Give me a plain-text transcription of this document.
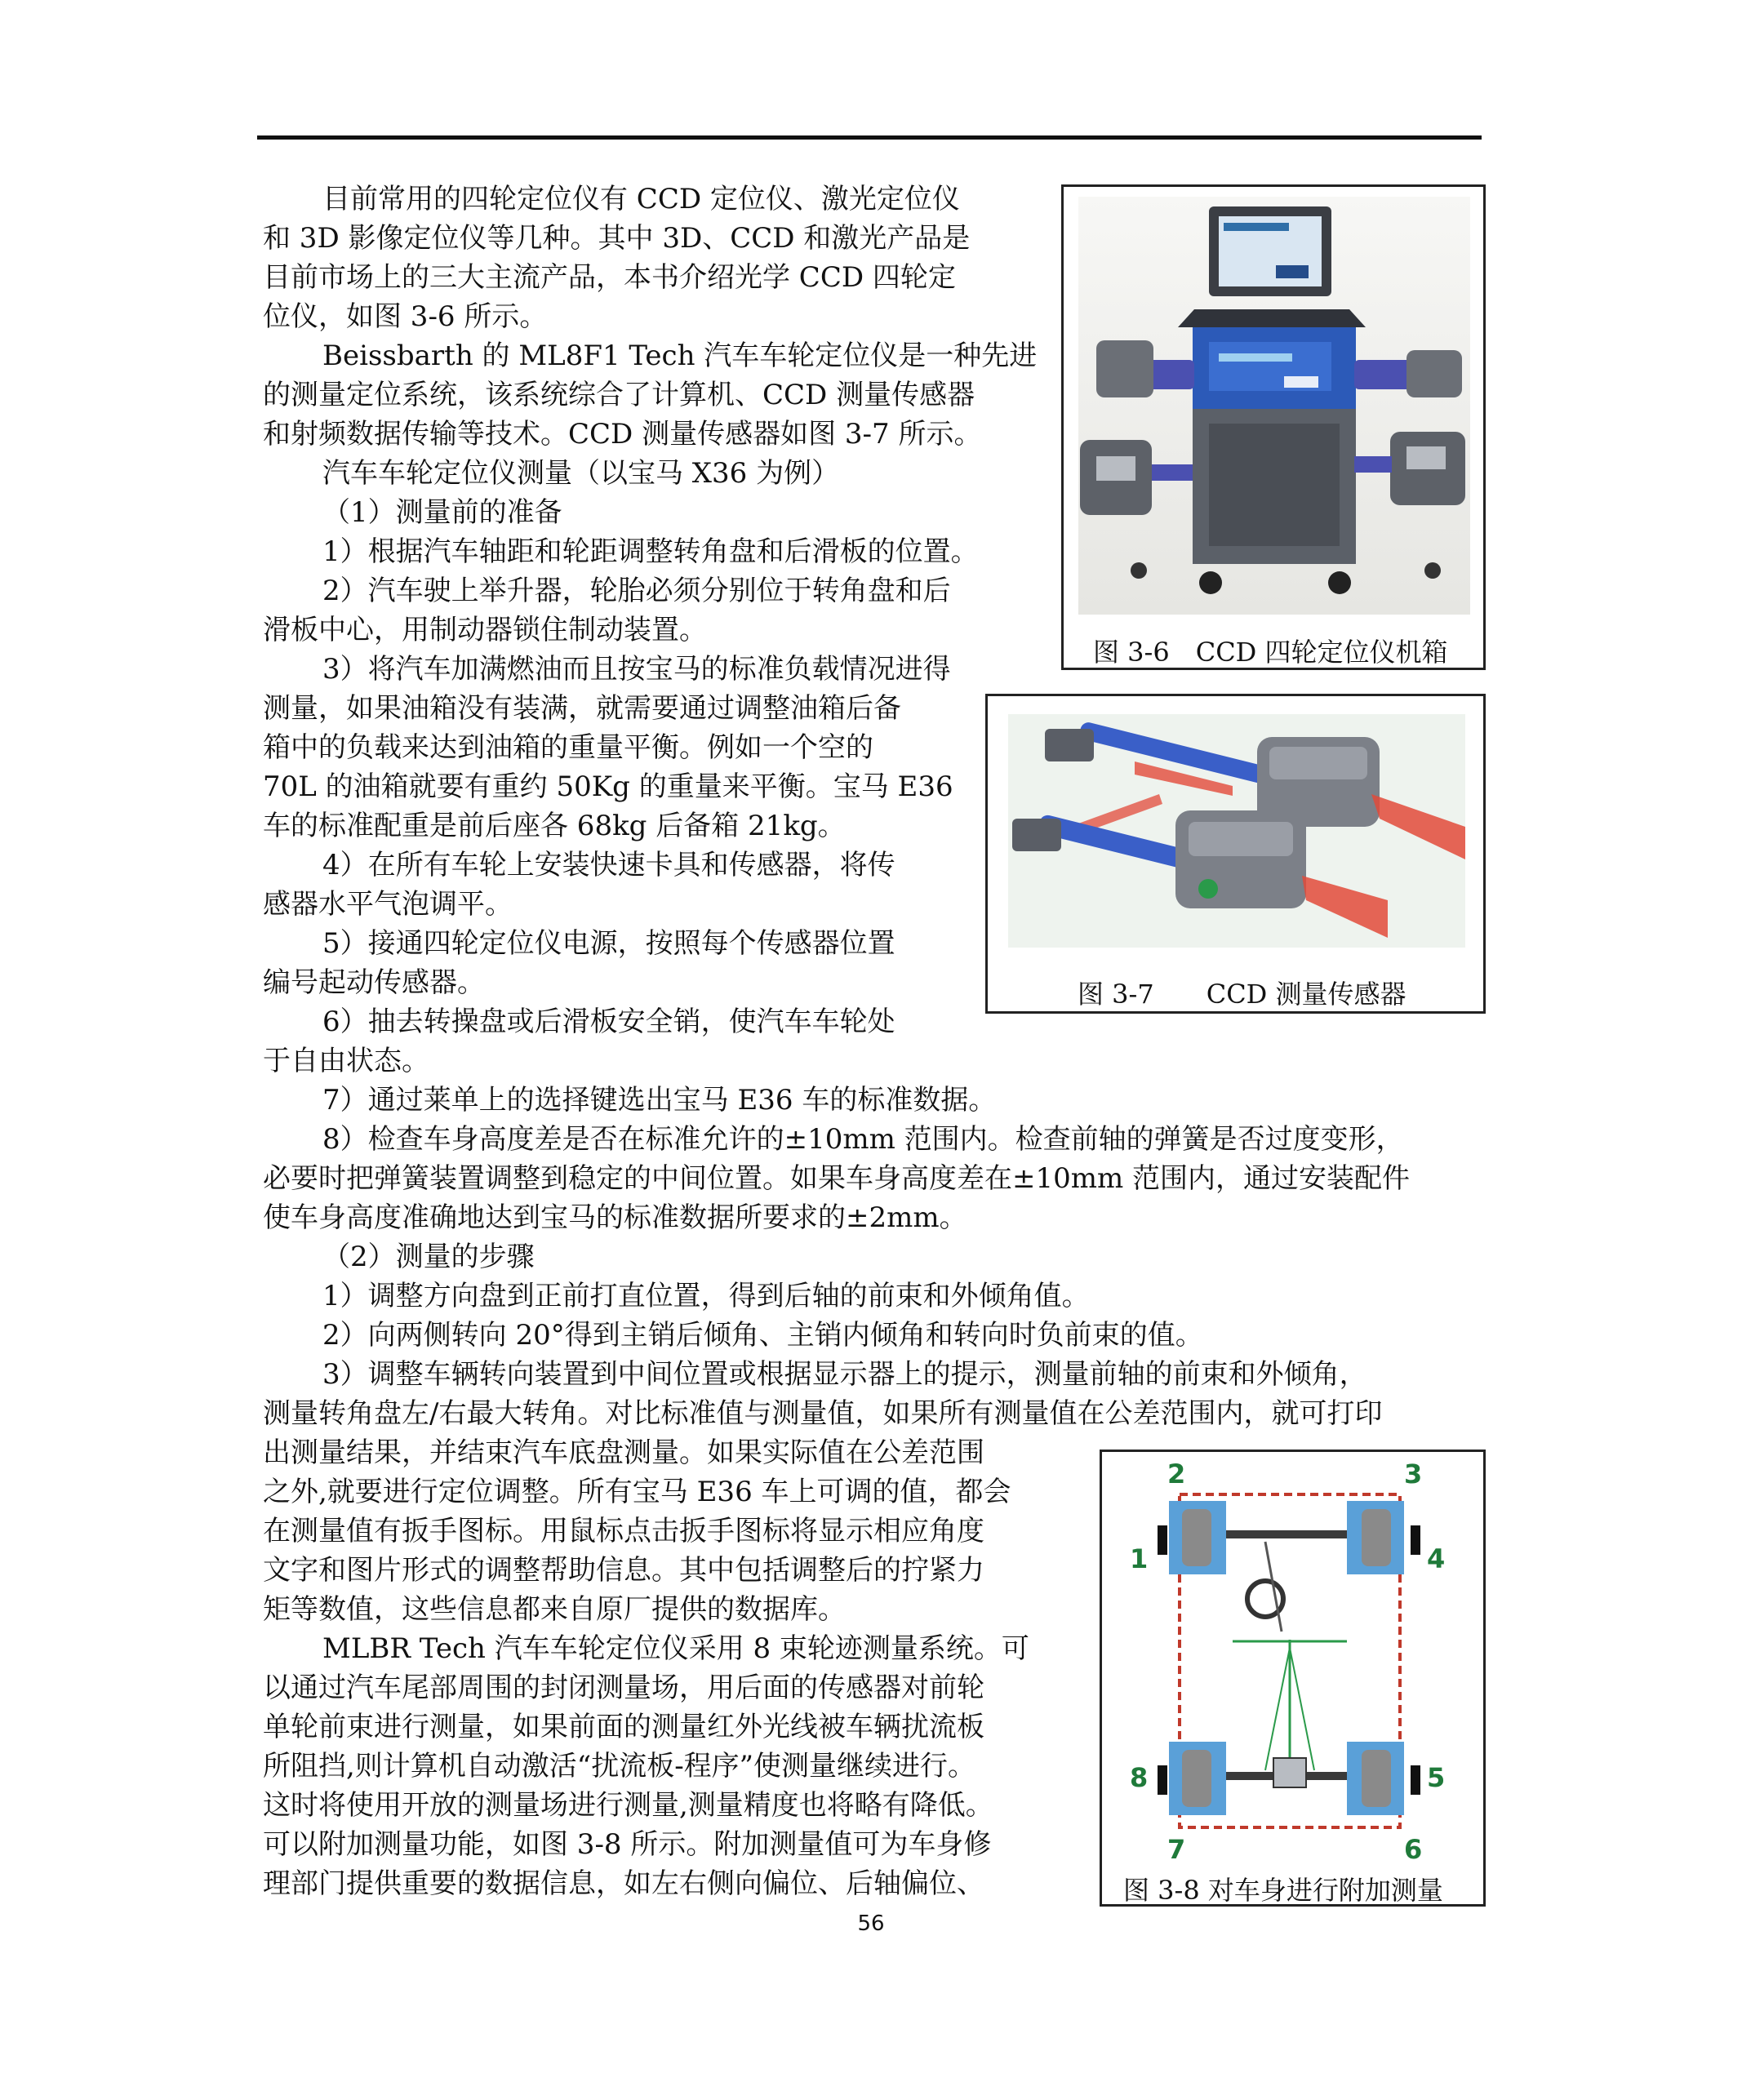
目前常用的四轮定位仪有 CCD 定位仪、激光定位仪

和 3D 影像定位仪等几种。其中 3D、CCD 和激光产品是

目前市场上的三大主流产品，本书介绍光学 CCD 四轮定

位仪，如图 3-6 所示。

Beissbarth 的 ML8F1 Tech 汽车车轮定位仪是一种先进

的测量定位系统，该系统综合了计算机、CCD 测量传感器

和射频数据传输等技术。CCD 测量传感器如图 3-7 所示。

汽车车轮定位仪测量（以宝马 X36 为例）

（1）测量前的准备

1）根据汽车轴距和轮距调整转角盘和后滑板的位置。

2）汽车驶上举升器，轮胎必须分别位于转角盘和后

滑板中心，用制动器锁住制动装置。

3）将汽车加满燃油而且按宝马的标准负载情况进得

测量，如果油箱没有装满，就需要通过调整油箱后备

箱中的负载来达到油箱的重量平衡。例如一个空的

70L 的油箱就要有重约 50Kg 的重量来平衡。宝马 E36

车的标准配重是前后座各 68kg 后备箱 21kg。

4）在所有车轮上安装快速卡具和传感器，将传

感器水平气泡调平。

5）接通四轮定位仪电源，按照每个传感器位置

编号起动传感器。

6）抽去转操盘或后滑板安全销，使汽车车轮处

于自由状态。

7）通过莱单上的选择键选出宝马 E36 车的标准数据。

8）检查车身高度差是否在标准允许的±10mm 范围内。检查前轴的弹簧是否过度变形，

必要时把弹簧装置调整到稳定的中间位置。如果车身高度差在±10mm 范围内，通过安装配件

使车身高度准确地达到宝马的标准数据所要求的±2mm。

（2）测量的步骤

1）调整方向盘到正前打直位置，得到后轴的前束和外倾角值。

2）向两侧转向 20°得到主销后倾角、主销内倾角和转向时负前束的值。

3）调整车辆转向装置到中间位置或根据显示器上的提示，测量前轴的前束和外倾角，

测量转角盘左/右最大转角。对比标准值与测量值，如果所有测量值在公差范围内，就可打印

出测量结果，并结束汽车底盘测量。如果实际值在公差范围

之外,就要进行定位调整。所有宝马 E36 车上可调的值，都会

在测量值有扳手图标。用鼠标点击扳手图标将显示相应角度

文字和图片形式的调整帮助信息。其中包括调整后的拧紧力

矩等数值，这些信息都来自原厂提供的数据库。

MLBR Tech 汽车车轮定位仪采用 8 束轮迹测量系统。可

以通过汽车尾部周围的封闭测量场，用后面的传感器对前轮

单轮前束进行测量，如果前面的测量红外光线被车辆扰流板

所阻挡,则计算机自动激活“扰流板-程序”使测量继续进行。

这时将使用开放的测量场进行测量,测量精度也将略有降低。

可以附加测量功能，如图 3-8 所示。附加测量值可为车身修

理部门提供重要的数据信息，如左右侧向偏位、后轴偏位、

图 3-6　CCD 四轮定位仪机箱
图 3-7　　CCD 测量传感器
1
2	3
4
5
6
7
8
图 3-8 对车身进行附加测量
56
